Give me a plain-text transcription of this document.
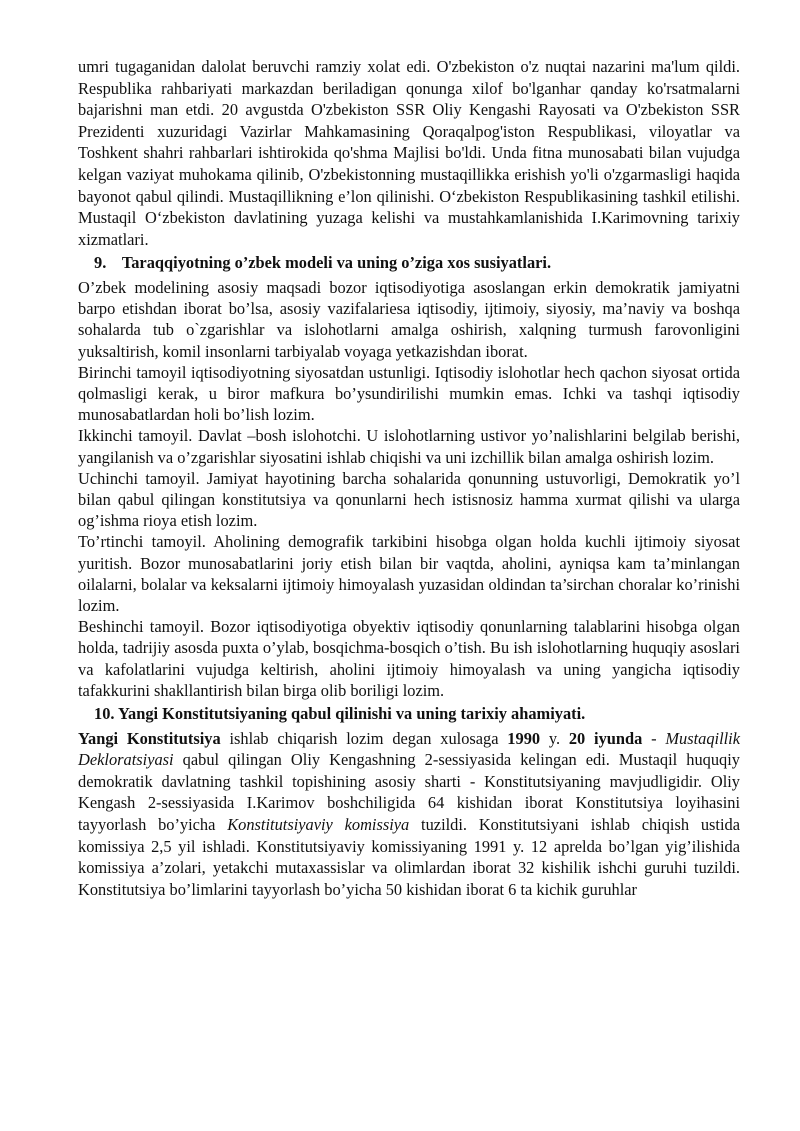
umri tugaganidan dalolat beruvchi ramziy xolat edi. O'zbekiston o'z nuqtai nazarini ma'lum qildi. Respublika rahbariyati markazdan beriladigan qonunga xilof bo'lganhar qanday ko'rsatmalarni bajarishni man etdi. 20 avgustda O'zbekiston SSR Oliy Kengashi Rayosati va O'zbekiston SSR Prezidenti xuzuridagi Vazirlar Mahkamasining Qoraqalpog'iston Respublikasi, viloyatlar va Toshkent shahri rahbarlari ishtirokida qo'shma Majlisi bo'ldi. Unda fitna munosabati bilan vujudga kelgan vaziyat muhokama qilinib, O'zbekistonning mustaqillikka erishish yo'li o'zgarmasligi haqida bayonot qabul qilindi. Mustaqillikning e’lon qilinishi. O‘zbekiston Respublikasining tashkil etilishi. Mustaqil O‘zbekiston davlatining yuzaga kelishi va mustahkamlanishida I.Karimovning tarixiy xizmatlari.

9. Taraqqiyotning o’zbek modeli va uning o’ziga xos susiyatlari.

O’zbek modelining asosiy maqsadi bozor iqtisodiyotiga asoslangan erkin demokratik jamiyatni barpo etishdan iborat bo’lsa, asosiy vazifalariesa iqtisodiy, ijtimoiy, siyosiy, ma’naviy va boshqa sohalarda tub o`zgarishlar va islohotlarni amalga oshirish, xalqning turmush farovonligini yuksaltirish, komil insonlarni tarbiyalab voyaga yetkazishdan iborat.

Birinchi tamoyil iqtisodiyotning siyosatdan ustunligi. Iqtisodiy islohotlar hech qachon siyosat ortida qolmasligi kerak, u biror mafkura bo’ysundirilishi mumkin emas. Ichki va tashqi iqtisodiy munosabatlardan holi bo’lish lozim.

Ikkinchi tamoyil. Davlat –bosh islohotchi. U islohotlarning ustivor yo’nalishlarini belgilab berishi, yangilanish va o’zgarishlar siyosatini ishlab chiqishi va uni izchillik bilan amalga oshirish lozim.

Uchinchi tamoyil. Jamiyat hayotining barcha sohalarida qonunning ustuvorligi, Demokratik yo’l bilan qabul qilingan konstitutsiya va qonunlarni hech istisnosiz hamma xurmat qilishi va ularga og’ishma rioya etish lozim.

To’rtinchi tamoyil. Aholining demografik tarkibini hisobga olgan holda kuchli ijtimoiy siyosat yuritish. Bozor munosabatlarini joriy etish bilan bir vaqtda, aholini, ayniqsa kam ta’minlangan oilalarni, bolalar va keksalarni ijtimoiy himoyalash yuzasidan oldindan ta’sirchan choralar ko’rinishi lozim.

Beshinchi tamoyil. Bozor iqtisodiyotiga obyektiv iqtisodiy qonunlarning talablarini hisobga olgan holda, tadrijiy asosda puxta o’ylab, bosqichma-bosqich o’tish. Bu ish islohotlarning huquqiy asoslari va kafolatlarini vujudga keltirish, aholini ijtimoiy himoyalash va uning yangicha iqtisodiy tafakkurini shakllantirish bilan birga olib boriligi lozim.

10. Yangi Konstitutsiyaning qabul qilinishi va uning tarixiy ahamiyati.

Yangi Konstitutsiya ishlab chiqarish lozim degan xulosaga 1990 y. 20 iyunda - Mustaqillik Dekloratsiyasi qabul qilingan Oliy Kengashning 2-sessiyasida kelingan edi. Mustaqil huquqiy demokratik davlatning tashkil topishining asosiy sharti - Konstitutsiyaning mavjudligidir. Oliy Kengash 2-sessiyasida I.Karimov boshchiligida 64 kishidan iborat Konstitutsiya loyihasini tayyorlash bo’yicha Konstitutsiyaviy komissiya tuzildi. Konstitutsiyani ishlab chiqish ustida komissiya 2,5 yil ishladi. Konstitutsiyaviy komissiyaning 1991 y. 12 aprelda bo’lgan yig’ilishida komissiya a’zolari, yetakchi mutaxassislar va olimlardan iborat 32 kishilik ishchi guruhi tuzildi. Konstitutsiya bo’limlarini tayyorlash bo’yicha 50 kishidan iborat 6 ta kichik guruhlar
